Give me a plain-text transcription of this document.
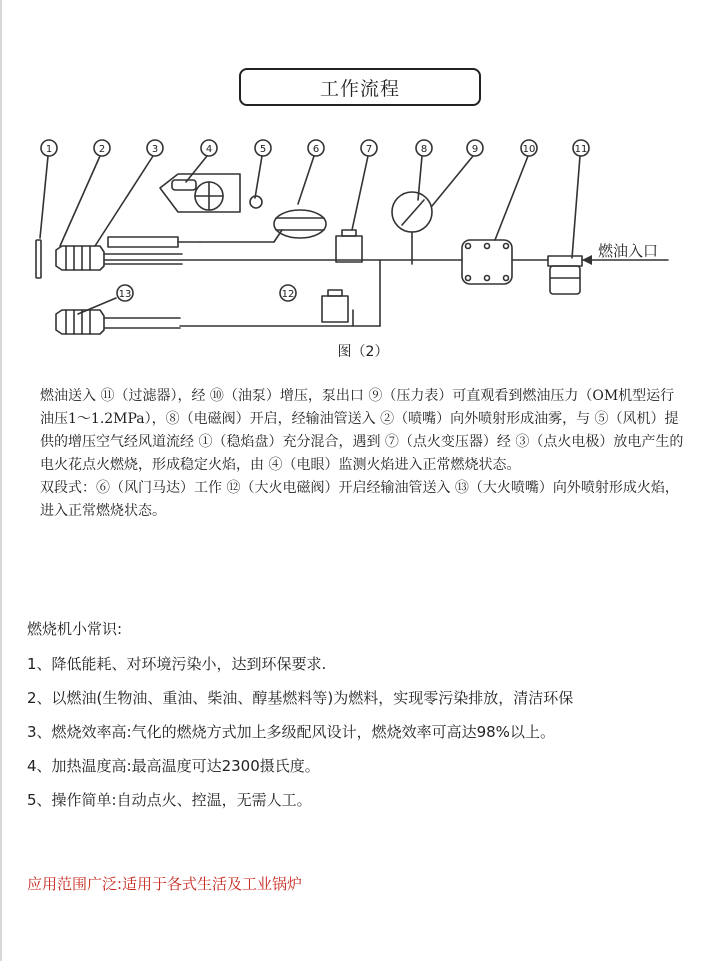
工作流程
1	2	3	4	5	6	7	8	9	10	11
12
13
燃油入口
图（2）

燃油送入 ⑪（过滤器），经 ⑩（油泵）增压，泵出口 ⑨（压力表）可直观看到燃油压力（OM机型运行油压1～1.2MPa），⑧（电磁阀）开启，经输油管送入 ②（喷嘴）向外喷射形成油雾，与 ⑤（风机）提供的增压空气经风道流经 ①（稳焰盘）充分混合，遇到 ⑦（点火变压器）经 ③（点火电极）放电产生的电火花点火燃烧，形成稳定火焰，由 ④（电眼）监测火焰进入正常燃烧状态。

双段式：⑥（风门马达）工作 ⑫（大火电磁阀）开启经输油管送入 ⑬（大火喷嘴）向外喷射形成火焰，进入正常燃烧状态。

燃烧机小常识:

1、降低能耗、对环境污染小，达到环保要求.

2、以燃油(生物油、重油、柴油、醇基燃料等)为燃料，实现零污染排放，清洁环保

3、燃烧效率高:气化的燃烧方式加上多级配风设计，燃烧效率可高达98%以上。

4、加热温度高:最高温度可达2300摄氏度。

5、操作简单:自动点火、控温，无需人工。

应用范围广泛:适用于各式生活及工业锅炉
